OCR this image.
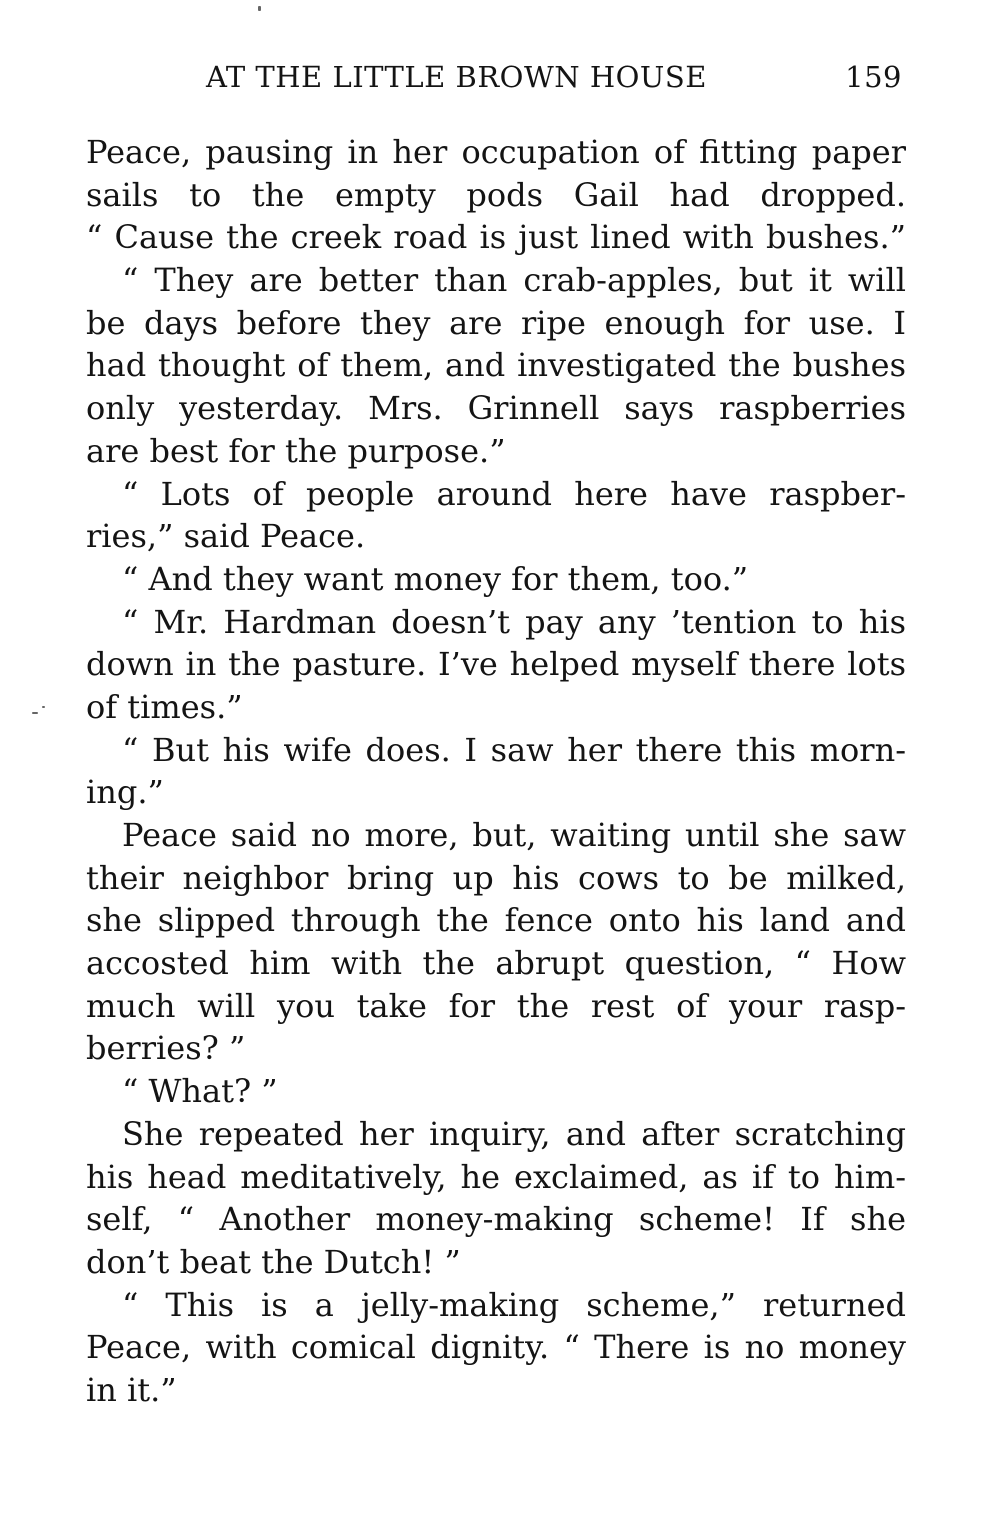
AT THE LITTLE BROWN HOUSE	159
Peace, pausing in her occupation of fitting paper
sails to the empty pods Gail had dropped.
“ Cause the creek road is just lined with bushes.”
“ They are better than crab-apples, but it will
be days before they are ripe enough for use. I
had thought of them, and investigated the bushes
only yesterday. Mrs. Grinnell says raspberries
are best for the purpose.”
“ Lots of people around here have raspber-
ries,” said Peace.
“ And they want money for them, too.”
“ Mr. Hardman doesn’t pay any ’tention to his
down in the pasture. I’ve helped myself there lots
of times.”
“ But his wife does. I saw her there this morn-
ing.”
Peace said no more, but, waiting until she saw
their neighbor bring up his cows to be milked,
she slipped through the fence onto his land and
accosted him with the abrupt question, “ How
much will you take for the rest of your rasp-
berries? ”
“ What? ”
She repeated her inquiry, and after scratching
his head meditatively, he exclaimed, as if to him-
self, “ Another money-making scheme! If she
don’t beat the Dutch! ”
“ This is a jelly-making scheme,” returned
Peace, with comical dignity. “ There is no money
in it.”
